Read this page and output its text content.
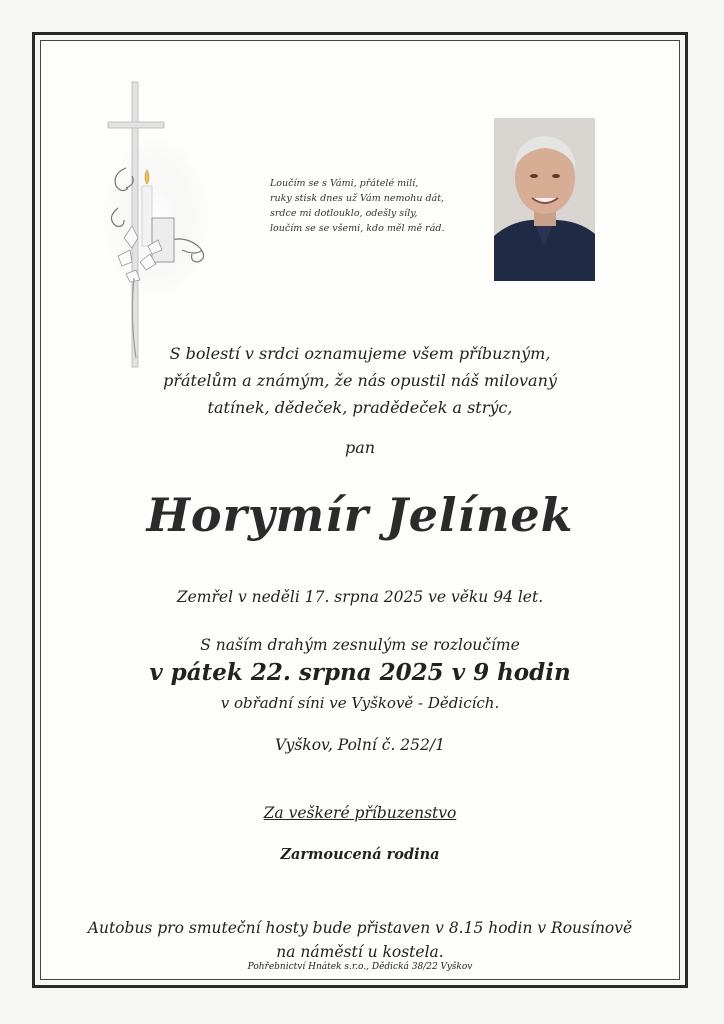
Loučím se s Vámi, přátelé milí,
ruky stisk dnes už Vám nemohu dát,
srdce mi dotlouklo, odešly síly,
loučím se se všemi, kdo měl mě rád.
S bolestí v srdci oznamujeme všem příbuzným,
přátelům a známým, že nás opustil náš milovaný
tatínek, dědeček, pradědeček a strýc,
pan
Horymír Jelínek
Zemřel v neděli 17. srpna 2025 ve věku 94 let.
S naším drahým zesnulým se rozloučíme
v pátek 22. srpna 2025 v 9 hodin
v obřadní síni ve Vyškově - Dědicích.
Vyškov, Polní č. 252/1
Za veškeré příbuzenstvo
Zarmoucená rodina
Autobus pro smuteční hosty bude přistaven v 8.15 hodin v Rousínově
na náměstí u kostela.
Pohřebnictví Hnátek s.r.o., Dědická 38/22 Vyškov
